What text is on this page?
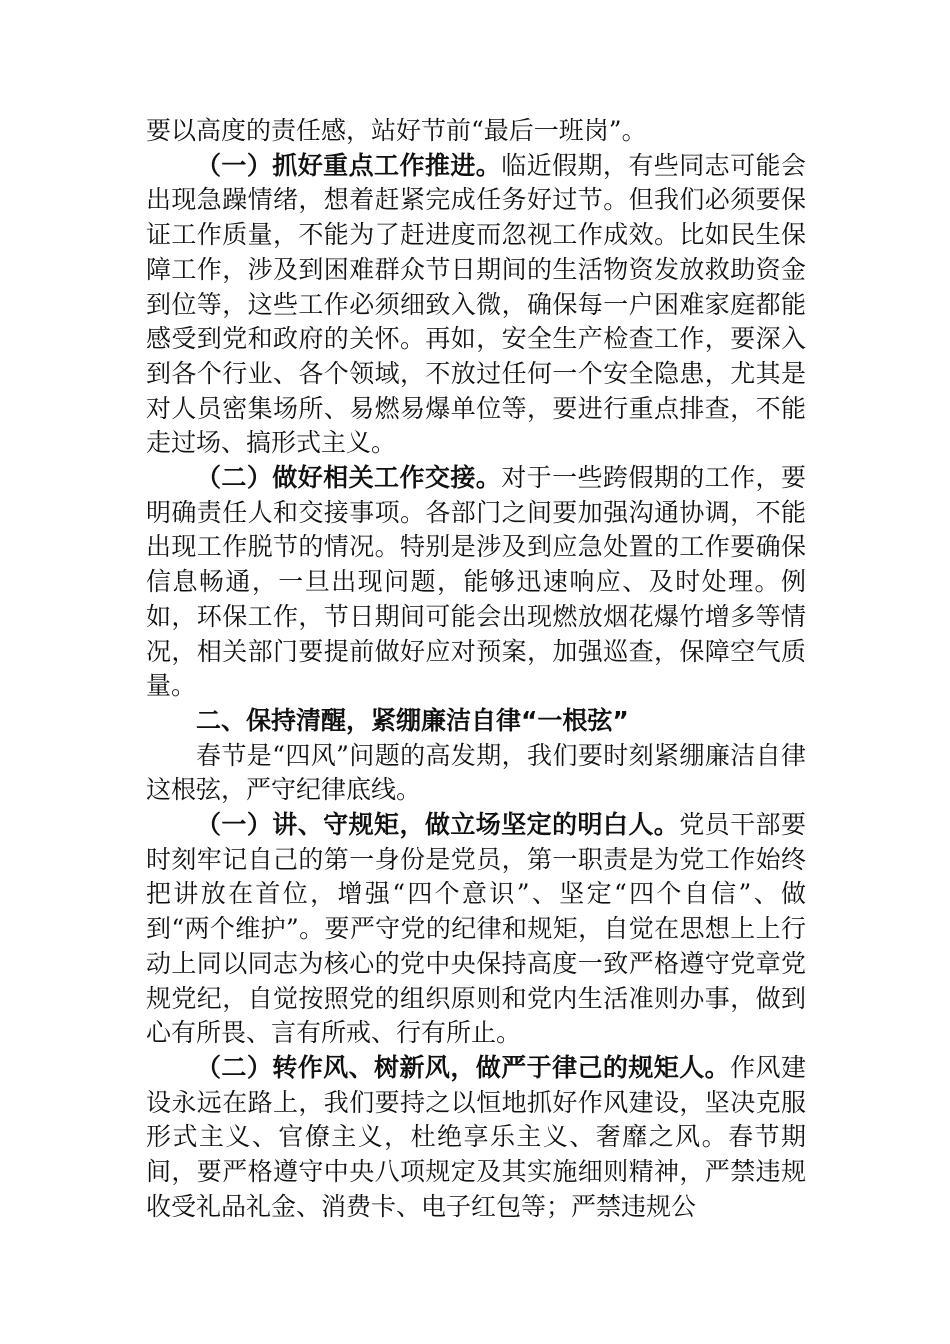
要以高度的责任感，站好节前“最后一班岗”。

（一）抓好重点工作推进。临近假期，有些同志可能会出现急躁情绪，想着赶紧完成任务好过节。但我们必须要保证工作质量，不能为了赶进度而忽视工作成效。比如民生保障工作，涉及到困难群众节日期间的生活物资发放救助资金到位等，这些工作必须细致入微，确保每一户困难家庭都能感受到党和政府的关怀。再如，安全生产检查工作，要深入到各个行业、各个领域，不放过任何一个安全隐患，尤其是对人员密集场所、易燃易爆单位等，要进行重点排查，不能走过场、搞形式主义。

（二）做好相关工作交接。对于一些跨假期的工作，要明确责任人和交接事项。各部门之间要加强沟通协调，不能出现工作脱节的情况。特别是涉及到应急处置的工作要确保信息畅通，一旦出现问题，能够迅速响应、及时处理。例如，环保工作，节日期间可能会出现燃放烟花爆竹增多等情况，相关部门要提前做好应对预案，加强巡查，保障空气质量。

二、保持清醒，紧绷廉洁自律“一根弦”

春节是“四风”问题的高发期，我们要时刻紧绷廉洁自律这根弦，严守纪律底线。

（一）讲、守规矩，做立场坚定的明白人。党员干部要时刻牢记自己的第一身份是党员，第一职责是为党工作始终把讲放在首位，增强“四个意识”、坚定“四个自信”、做到“两个维护”。要严守党的纪律和规矩，自觉在思想上上行动上同以同志为核心的党中央保持高度一致严格遵守党章党规党纪，自觉按照党的组织原则和党内生活准则办事，做到心有所畏、言有所戒、行有所止。

（二）转作风、树新风，做严于律己的规矩人。作风建设永远在路上，我们要持之以恒地抓好作风建设，坚决克服形式主义、官僚主义，杜绝享乐主义、奢靡之风。春节期间，要严格遵守中央八项规定及其实施细则精神，严禁违规收受礼品礼金、消费卡、电子红包等；严禁违规公
